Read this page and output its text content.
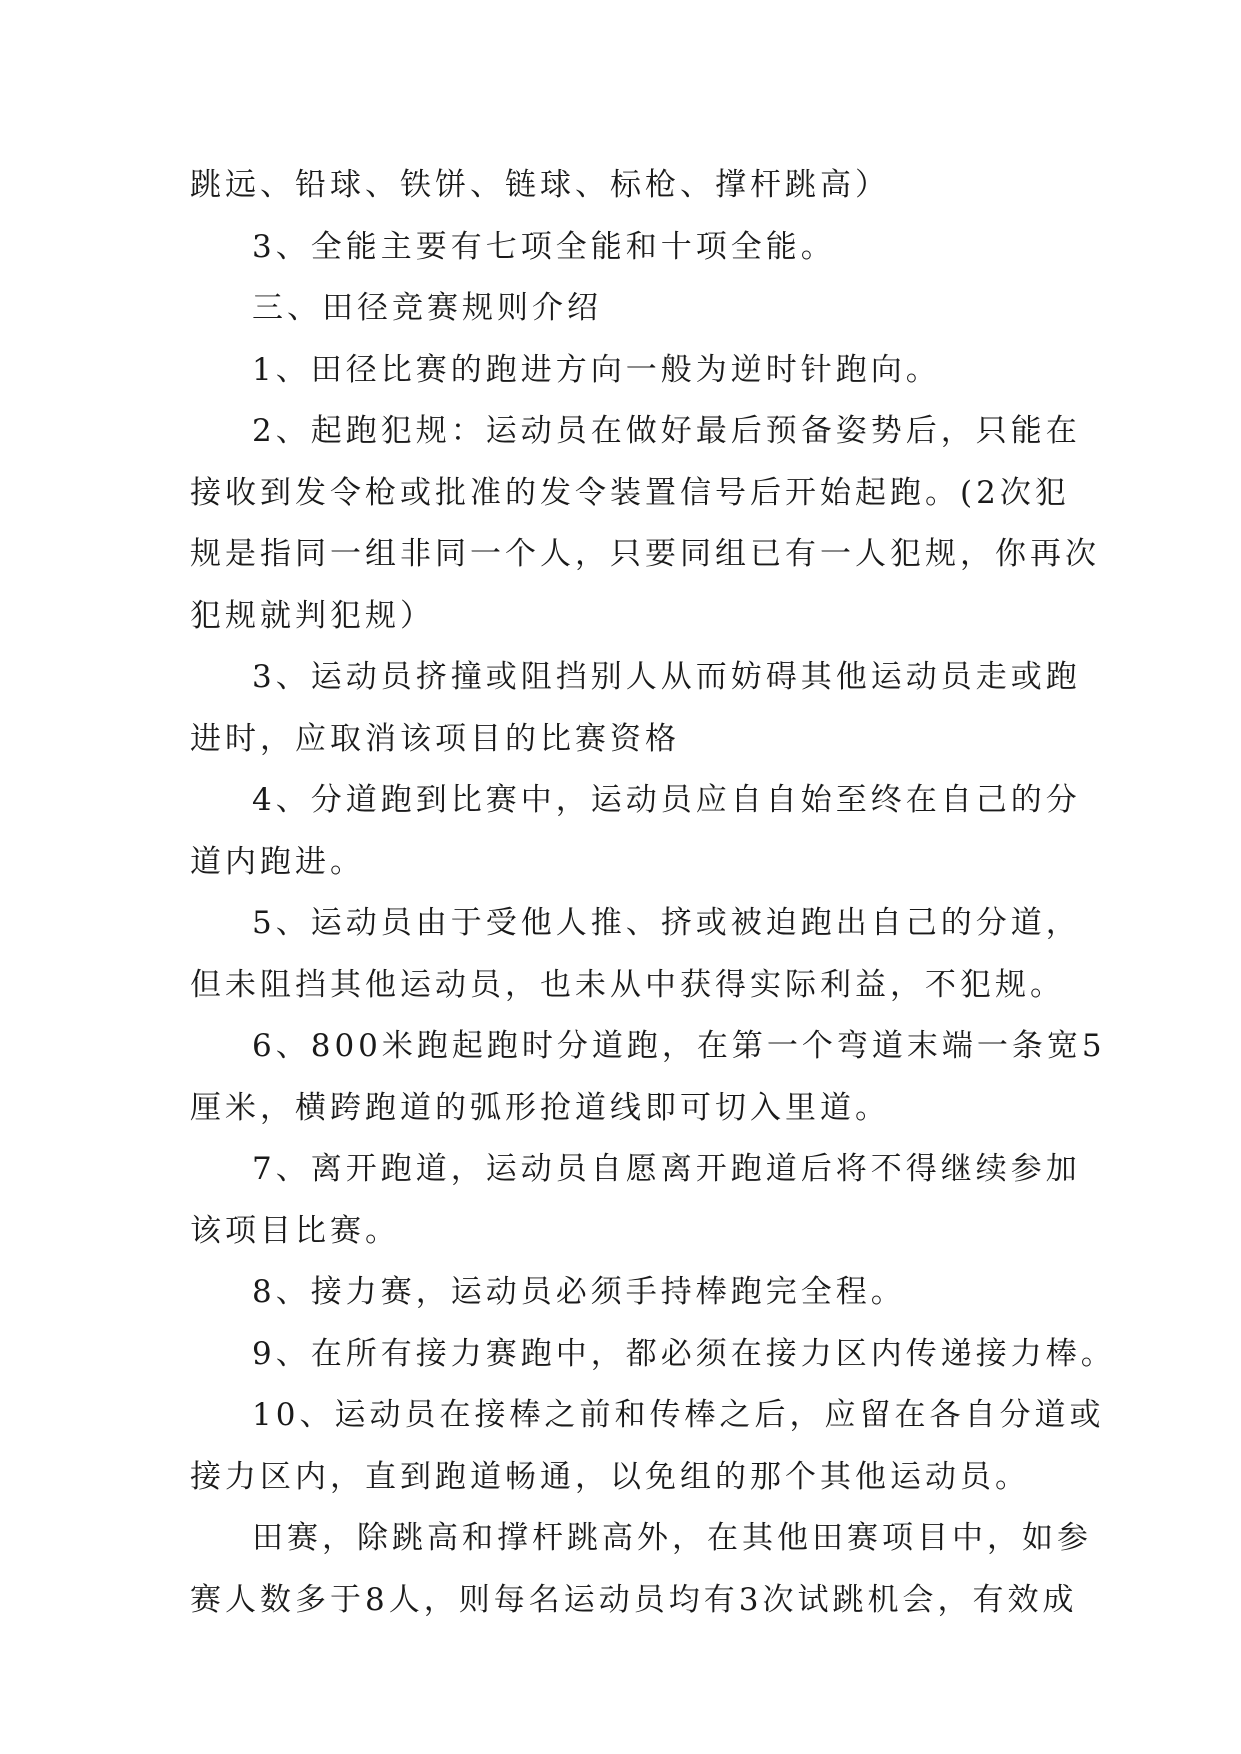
跳远、铅球、铁饼、链球、标枪、撑杆跳高）
3、全能主要有七项全能和十项全能。
三、田径竞赛规则介绍
1、田径比赛的跑进方向一般为逆时针跑向。
2、起跑犯规：运动员在做好最后预备姿势后，只能在
接收到发令枪或批准的发令装置信号后开始起跑。(2次犯
规是指同一组非同一个人，只要同组已有一人犯规，你再次
犯规就判犯规）
3、运动员挤撞或阻挡别人从而妨碍其他运动员走或跑
进时，应取消该项目的比赛资格
4、分道跑到比赛中，运动员应自自始至终在自己的分
道内跑进。
5、运动员由于受他人推、挤或被迫跑出自己的分道，
但未阻挡其他运动员，也未从中获得实际利益，不犯规。
6、800米跑起跑时分道跑，在第一个弯道末端一条宽5
厘米，横跨跑道的弧形抢道线即可切入里道。
7、离开跑道，运动员自愿离开跑道后将不得继续参加
该项目比赛。
8、接力赛，运动员必须手持棒跑完全程。
9、在所有接力赛跑中，都必须在接力区内传递接力棒。
10、运动员在接棒之前和传棒之后，应留在各自分道或
接力区内，直到跑道畅通，以免组的那个其他运动员。
田赛，除跳高和撑杆跳高外，在其他田赛项目中，如参
赛人数多于8人，则每名运动员均有3次试跳机会，有效成
